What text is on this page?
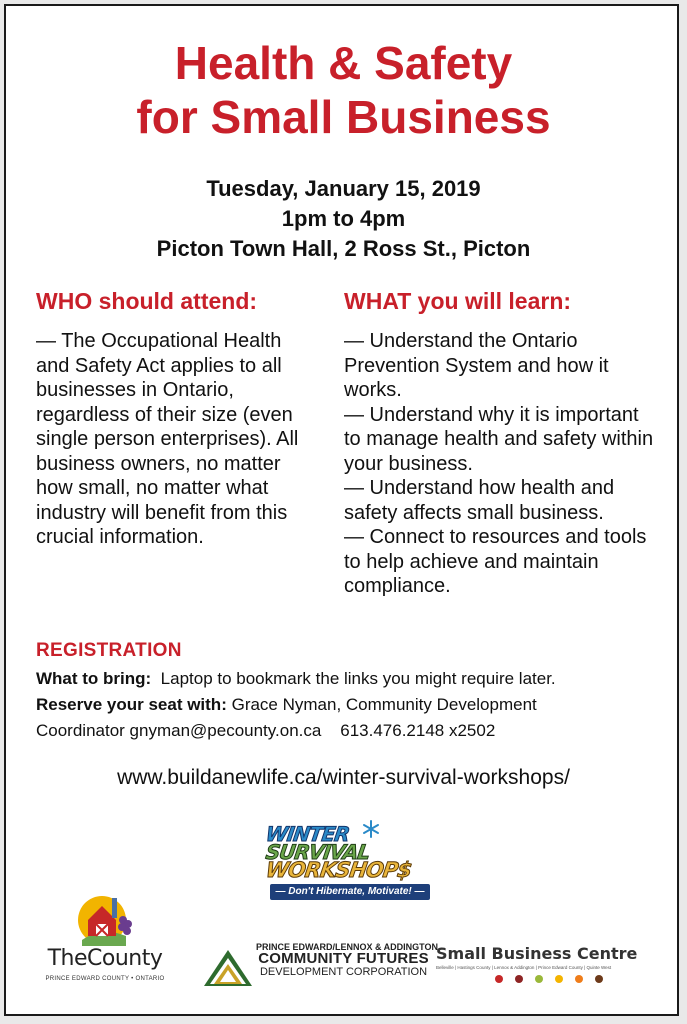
Health & Safety
for Small Business
Tuesday, January 15, 2019
1pm to 4pm
Picton Town Hall, 2 Ross St., Picton
WHO should attend:

— The Occupational Health

and Safety Act applies to all

businesses in Ontario,

regardless of their size (even

single person enterprises). All

business owners, no matter

how small, no matter what

industry will benefit from this

crucial information.

WHAT you will learn:

— Understand the Ontario

Prevention System and how it

works.

— Understand why it is important

to manage health and safety within

your business.

— Understand how health and

safety affects small business.

— Connect to resources and tools

to help achieve and maintain

compliance.

REGISTRATION
What to bring: Laptop to bookmark the links you might require later.
Reserve your seat with: Grace Nyman, Community Development
Coordinator gnyman@pecounty.on.ca 613.476.2148 x2502
www.buildanewlife.ca/winter-survival-workshops/
WINTER
SURVIVAL
WORKSHOP$
— Don't Hibernate, Motivate! —
TheCounty
PRINCE EDWARD COUNTY • ONTARIO
PRINCE EDWARD/LENNOX & ADDINGTON
COMMUNITY FUTURES
DEVELOPMENT CORPORATION
Small Business Centre
Belleville | Hastings County | Lennox & Addington | Prince Edward County | Quinte West
